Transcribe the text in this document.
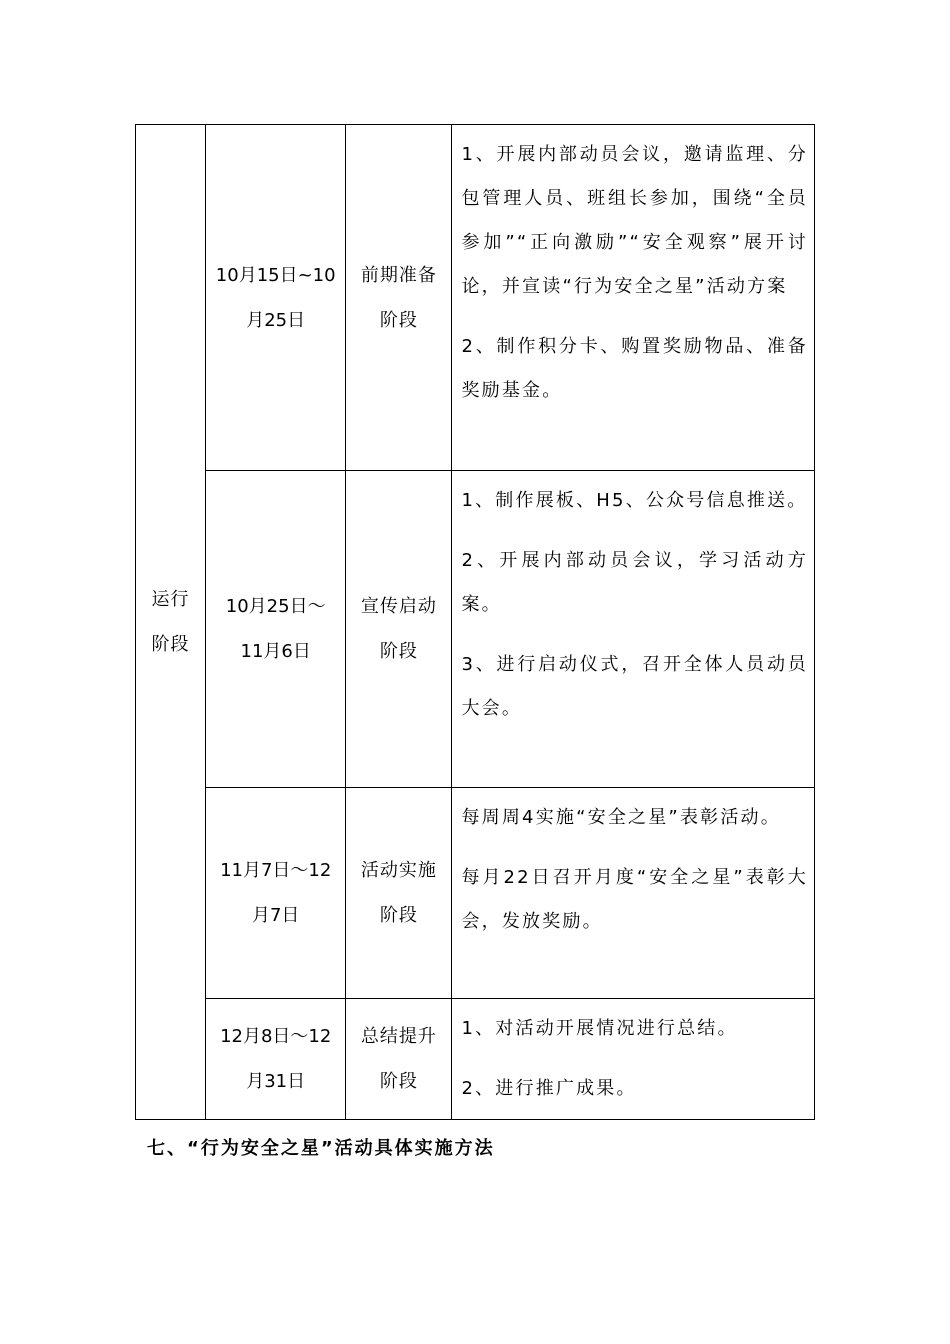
运行阶段	10月15日~10月25日	前期准备阶段	1、开展内部动员会议，邀请监理、分包管理人员、班组长参加，围绕“全员参加”“正向激励”“安全观察”展开讨论，并宣读“行为安全之星”活动方案

2、制作积分卡、购置奖励物品、准备奖励基金。

	10月25日～11月6日	宣传启动阶段	1、制作展板、H5、公众号信息推送。

2、开展内部动员会议，学习活动方案。

3、进行启动仪式，召开全体人员动员大会。

	11月7日～12月7日	活动实施阶段	每周周4实施“安全之星”表彰活动。

每月22日召开月度“安全之星”表彰大会，发放奖励。

	12月8日～12月31日	总结提升阶段	1、对活动开展情况进行总结。

2、进行推广成果。

七、“行为安全之星”活动具体实施方法
